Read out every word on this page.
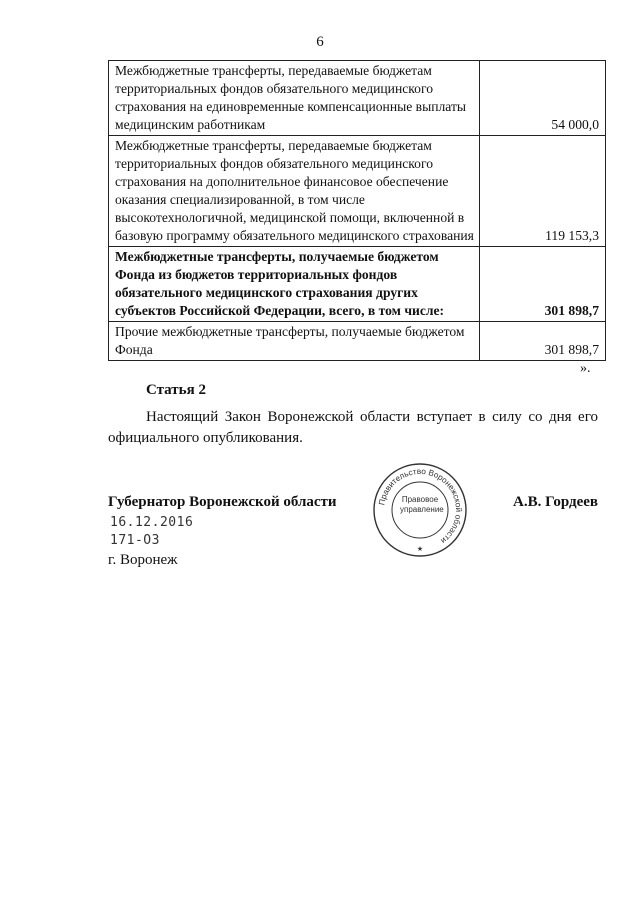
6
Межбюджетные трансферты, передаваемые бюджетам территориальных фондов обязательного медицинского страхования на единовременные компенсационные выплаты медицинским работникам	54 000,0
Межбюджетные трансферты, передаваемые бюджетам территориальных фондов обязательного медицинского страхования на дополнительное финансовое обеспечение оказания специализированной, в том числе высокотехнологичной, медицинской помощи, включенной в базовую программу обязательного медицинского страхования	119 153,3
Межбюджетные трансферты, получаемые бюджетом Фонда из бюджетов территориальных фондов обязательного медицинского страхования других субъектов Российской Федерации, всего, в том числе:	301 898,7
Прочие межбюджетные трансферты, получаемые бюджетом Фонда	301 898,7
».
Статья 2
Настоящий Закон Воронежской области вступает в силу со дня его официального опубликования.
Губернатор Воронежской области	А.В. Гордеев
Правительство Воронежской области
★
Правовое
управление
16.12.2016
171-ОЗ
г. Воронеж
